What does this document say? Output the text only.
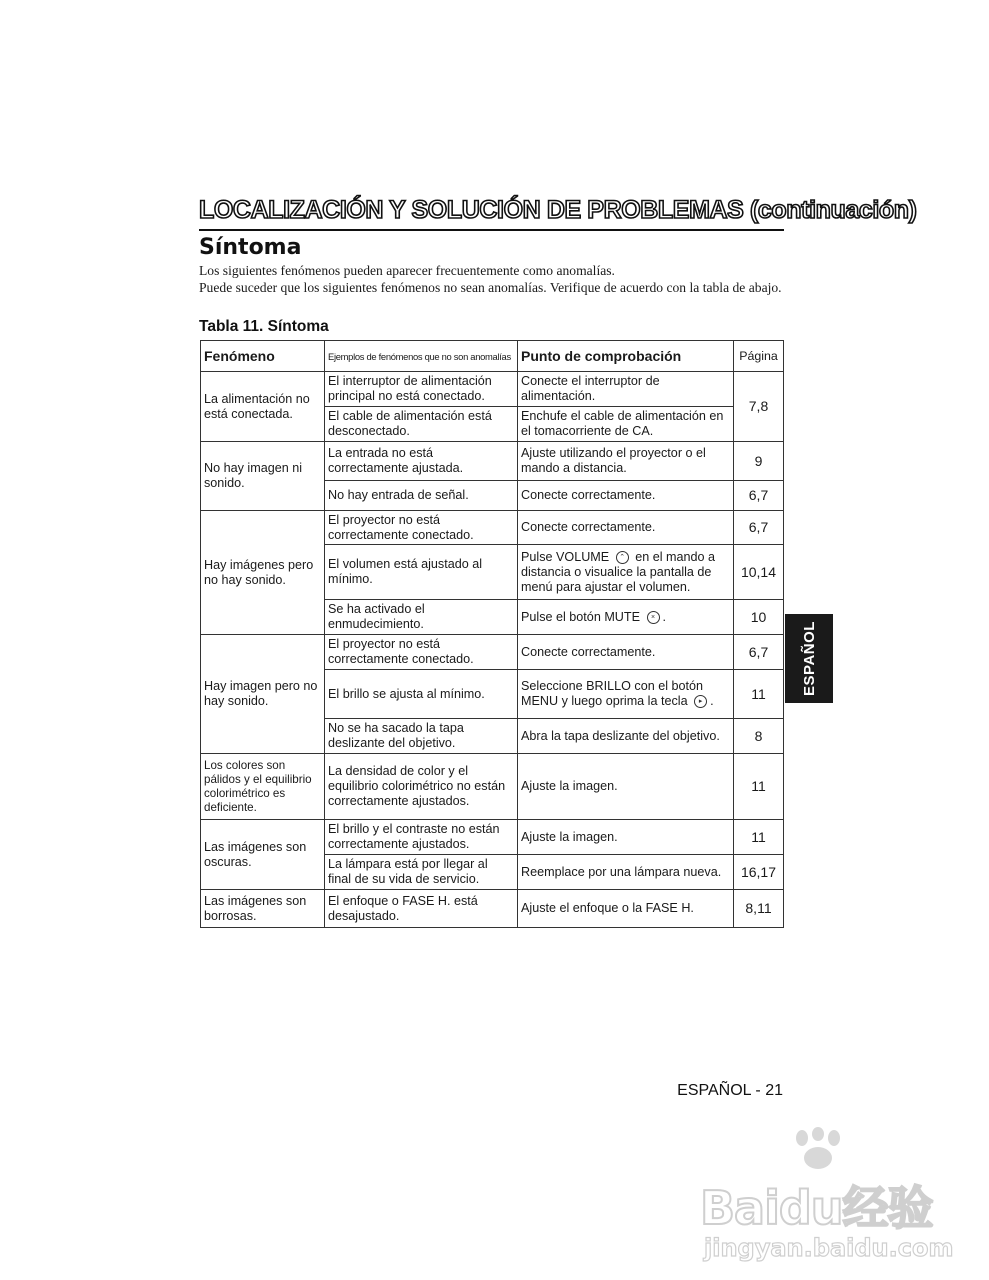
LOCALIZACIÓN Y SOLUCIÓN DE PROBLEMAS (continuación)
Síntoma

Los siguientes fenómenos pueden aparecer frecuentemente como anomalías.

Puede suceder que los siguientes fenómenos no sean anomalías. Verifique de acuerdo con la tabla de abajo.

Tabla 11. Síntoma
Fenómeno	Ejemplos de fenómenos que no son anomalías	Punto de comprobación	Página
La alimentación no está conectada.	El interruptor de alimentación principal no está conectado.	Conecte el interruptor de alimentación.	7,8
	El cable de alimentación está desconectado.	Enchufe el cable de alimentación en el tomacorriente de CA.	
No hay imagen ni sonido.	La entrada no está correctamente ajustada.	Ajuste utilizando el proyector o el mando a distancia.	9
	No hay entrada de señal.	Conecte correctamente.	6,7
Hay imágenes pero no hay sonido.	El proyector no está correctamente conectado.	Conecte correctamente.	6,7
	El volumen está ajustado al mínimo.	Pulse VOLUME ⌃ en el mando a distancia o visualice la pantalla de menú para ajustar el volumen.	10,14
	Se ha activado el enmudecimiento.	Pulse el botón MUTE × .	10
Hay imagen pero no hay sonido.	El proyector no está correctamente conectado.	Conecte correctamente.	6,7
	El brillo se ajusta al mínimo.	Seleccione BRILLO con el botón MENU y luego oprima la tecla ▸ .	11
	No se ha sacado la tapa deslizante del objetivo.	Abra la tapa deslizante del objetivo.	8
Los colores son pálidos y el equilibrio colorimétrico es deficiente.	La densidad de color y el equilibrio colorimétrico no están correctamente ajustados.	Ajuste la imagen.	11
Las imágenes son oscuras.	El brillo y el contraste no están correctamente ajustados.	Ajuste la imagen.	11
	La lámpara está por llegar al final de su vida de servicio.	Reemplace por una lámpara nueva.	16,17
Las imágenes son borrosas.	El enfoque o FASE H. está desajustado.	Ajuste el enfoque o la FASE H.	8,11
ESPAÑOL
ESPAÑOL - 21
Baidu经验
jingyan.baidu.com
